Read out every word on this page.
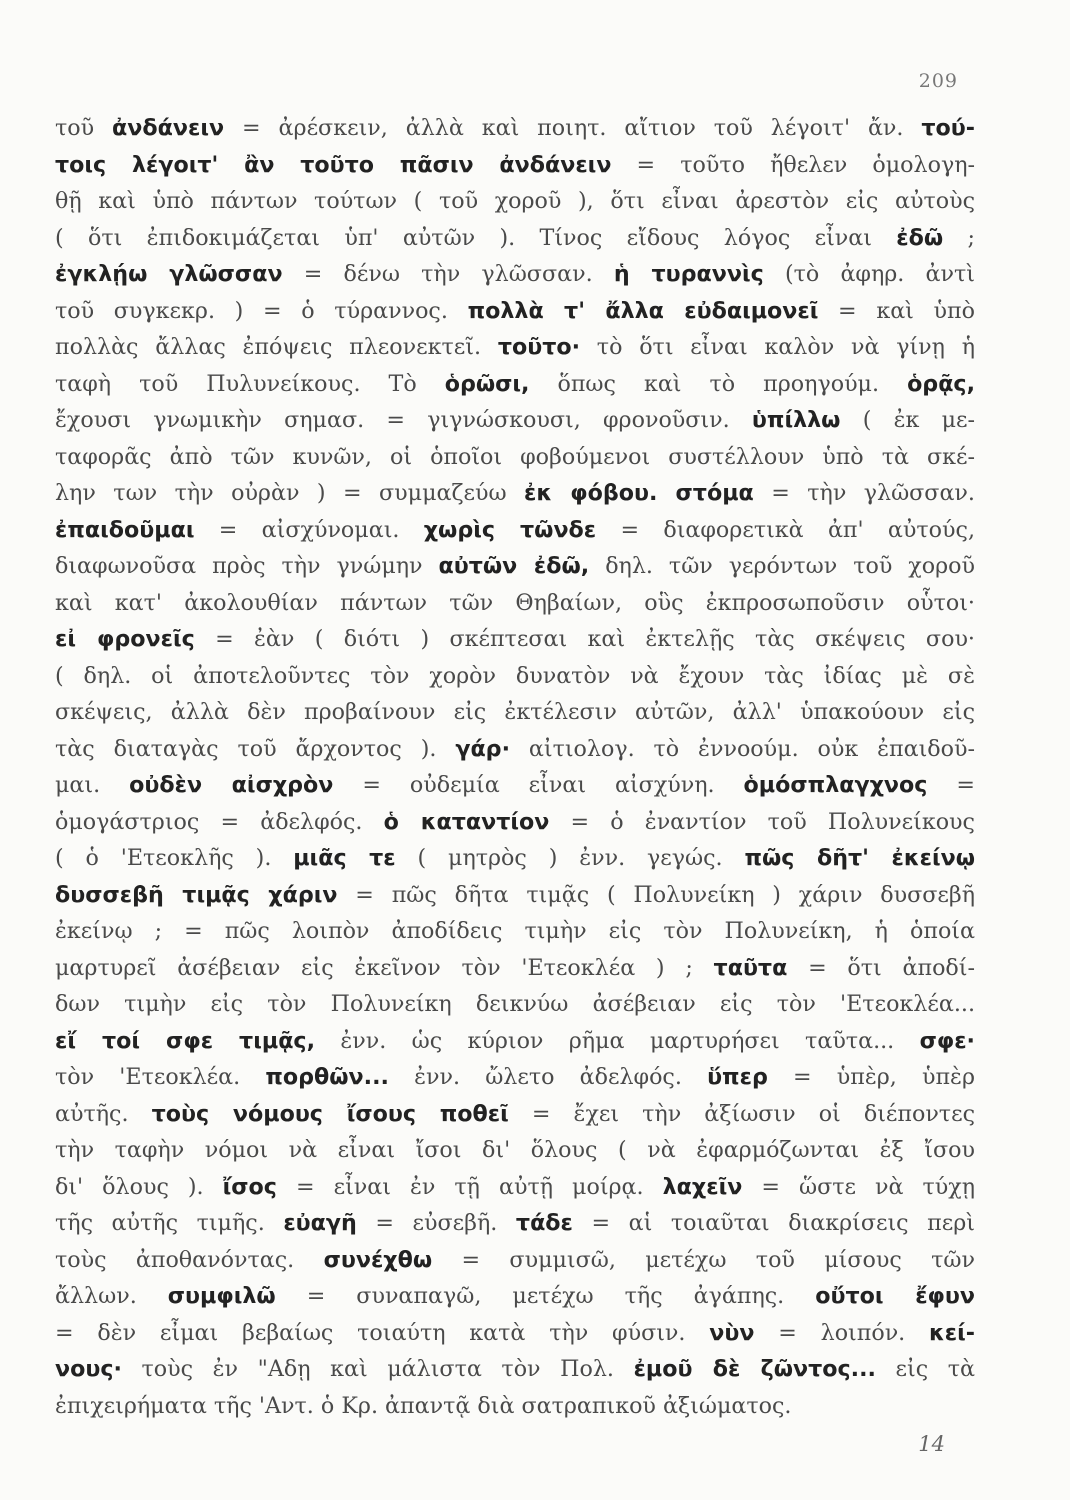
209
τοῦ ἀνδάνειν = ἀρέσκειν, ἀλλὰ καὶ ποιητ. αἴτιον τοῦ λέγοιτ' ἄν. τού-
τοις λέγοιτ' ἂν τοῦτο πᾶσιν ἀνδάνειν = τοῦτο ἤθελεν ὁμολογη-
θῇ καὶ ὑπὸ πάντων τούτων ( τοῦ χοροῦ ), ὅτι εἶναι ἀρεστὸν εἰς αὐτοὺς
( ὅτι ἐπιδοκιμάζεται ὑπ' αὐτῶν ). Τίνος εἴδους λόγος εἶναι ἐδῶ ;
ἐγκλῄω γλῶσσαν = δένω τὴν γλῶσσαν. ἡ τυραννὶς (τὸ ἀφηρ. ἀντὶ
τοῦ συγκεκρ. ) = ὁ τύραννος. πολλὰ τ' ἄλλα εὐδαιμονεῖ = καὶ ὑπὸ
πολλὰς ἄλλας ἐπόψεις πλεονεκτεῖ. τοῦτο· τὸ ὅτι εἶναι καλὸν νὰ γίνῃ ἡ
ταφὴ τοῦ Πυλυνείκους. Τὸ ὁρῶσι, ὅπως καὶ τὸ προηγούμ. ὁρᾷς,
ἔχουσι γνωμικὴν σημασ. = γιγνώσκουσι, φρονοῦσιν. ὑπίλλω ( ἐκ με-
ταφορᾶς ἀπὸ τῶν κυνῶν, οἱ ὁποῖοι φοβούμενοι συστέλλουν ὑπὸ τὰ σκέ-
λην των τὴν οὐρὰν ) = συμμαζεύω ἐκ φόβου. στόμα = τὴν γλῶσσαν.
ἐπαιδοῦμαι = αἰσχύνομαι. χωρὶς τῶνδε = διαφορετικὰ ἀπ' αὐτούς,
διαφωνοῦσα πρὸς τὴν γνώμην αὐτῶν ἐδῶ, δηλ. τῶν γερόντων τοῦ χοροῦ
καὶ κατ' ἀκολουθίαν πάντων τῶν Θηβαίων, οὓς ἐκπροσωποῦσιν οὗτοι·
εἰ φρονεῖς = ἐὰν ( διότι ) σκέπτεσαι καὶ ἐκτελῇς τὰς σκέψεις σου·
( δηλ. οἱ ἀποτελοῦντες τὸν χορὸν δυνατὸν νὰ ἔχουν τὰς ἰδίας μὲ σὲ
σκέψεις, ἀλλὰ δὲν προβαίνουν εἰς ἐκτέλεσιν αὐτῶν, ἀλλ' ὑπακούουν εἰς
τὰς διαταγὰς τοῦ ἄρχοντος ). γάρ· αἰτιολογ. τὸ ἐννοούμ. οὐκ ἐπαιδοῦ-
μαι. οὐδὲν αἰσχρὸν = οὐδεμία εἶναι αἰσχύνη. ὁμόσπλαγχνος =
ὁμογάστριος = ἀδελφός. ὁ καταντίον = ὁ ἐναντίον τοῦ Πολυνείκους
( ὁ 'Ετεοκλῆς ). μιᾶς τε ( μητρὸς ) ἐνν. γεγώς. πῶς δῆτ' ἐκείνῳ
δυσσεβῆ τιμᾷς χάριν = πῶς δῆτα τιμᾷς ( Πολυνείκη ) χάριν δυσσεβῆ
ἐκείνῳ ; = πῶς λοιπὸν ἀποδίδεις τιμὴν εἰς τὸν Πολυνείκη, ἡ ὁποία
μαρτυρεῖ ἀσέβειαν εἰς ἐκεῖνον τὸν 'Ετεοκλέα ) ; ταῦτα = ὅτι ἀποδί-
δων τιμὴν εἰς τὸν Πολυνείκη δεικνύω ἀσέβειαν εἰς τὸν 'Ετεοκλέα...
εἴ τοί σφε τιμᾷς, ἐνν. ὡς κύριον ρῆμα μαρτυρήσει ταῦτα... σφε·
τὸν 'Ετεοκλέα. πορθῶν... ἐνν. ὤλετο ἀδελφός. ὕπερ = ὑπὲρ, ὑπὲρ
αὐτῆς. τοὺς νόμους ἴσους ποθεῖ = ἔχει τὴν ἀξίωσιν οἱ διέποντες
τὴν ταφὴν νόμοι νὰ εἶναι ἴσοι δι' ὅλους ( νὰ ἐφαρμόζωνται ἐξ ἴσου
δι' ὅλους ). ἴσος = εἶναι ἐν τῇ αὐτῇ μοίρᾳ. λαχεῖν = ὥστε νὰ τύχῃ
τῆς αὐτῆς τιμῆς. εὐαγῆ = εὐσεβῆ. τάδε = αἱ τοιαῦται διακρίσεις περὶ
τοὺς ἀποθανόντας. συνέχθω = συμμισῶ, μετέχω τοῦ μίσους τῶν
ἄλλων. συμφιλῶ = συναπαγῶ, μετέχω τῆς ἀγάπης. οὔτοι ἔφυν
= δὲν εἶμαι βεβαίως τοιαύτη κατὰ τὴν φύσιν. νὺν = λοιπόν. κεί-
νους· τοὺς ἐν "Αδῃ καὶ μάλιστα τὸν Πολ. ἐμοῦ δὲ ζῶντος... εἰς τὰ
ἐπιχειρήματα τῆς 'Αντ. ὁ Κρ. ἀπαντᾷ διὰ σατραπικοῦ ἀξιώματος.
14
